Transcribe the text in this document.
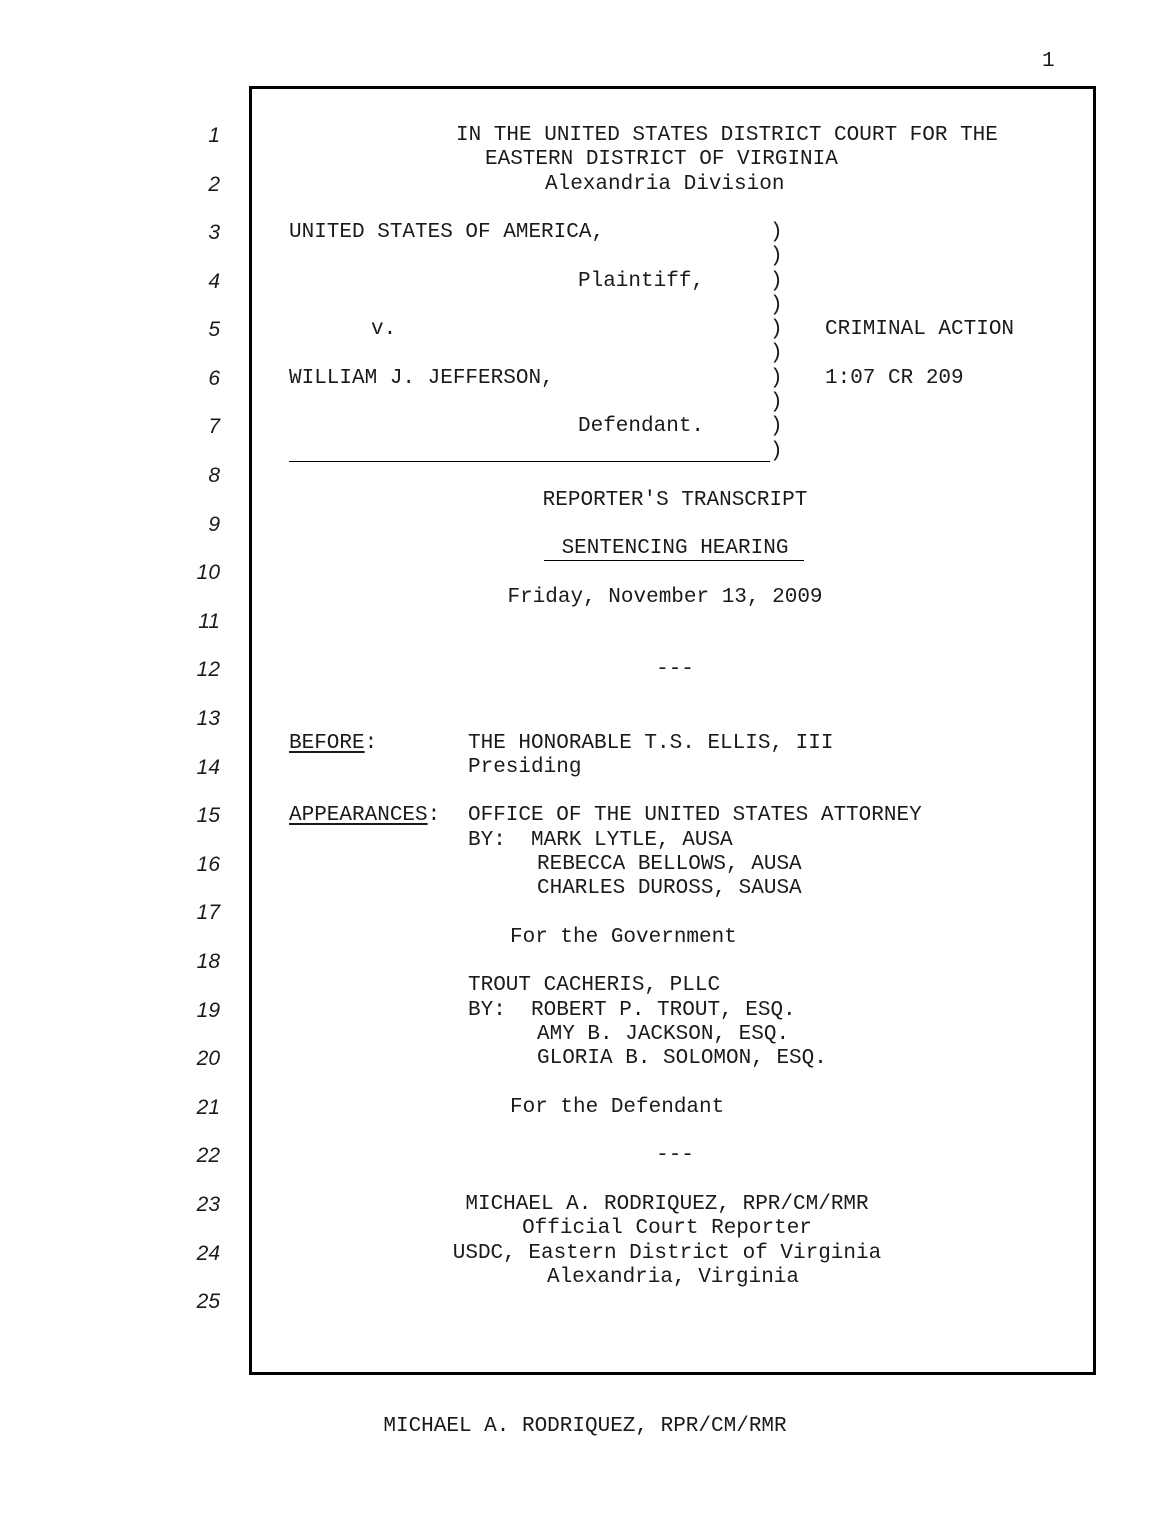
1
1
2
3
4
5
6
7
8
9
10
11
12
13
14
15
16
17
18
19
20
21
22
23
24
25
IN THE UNITED STATES DISTRICT COURT FOR THE
EASTERN DISTRICT OF VIRGINIA
Alexandria Division
UNITED STATES OF AMERICA,
Plaintiff,
v.
WILLIAM J. JEFFERSON,
Defendant.
)
)
)
)
)
)
)
)
)
)
CRIMINAL ACTION
1:07 CR 209
REPORTER'S TRANSCRIPT
SENTENCING HEARING
Friday, November 13, 2009
---
BEFORE:	THE HONORABLE T.S. ELLIS, III
Presiding
APPEARANCES: OFFICE OF THE UNITED STATES ATTORNEY
BY:  MARK LYTLE, AUSA
REBECCA BELLOWS, AUSA
CHARLES DUROSS, SAUSA
For the Government
TROUT CACHERIS, PLLC
BY:  ROBERT P. TROUT, ESQ.
AMY B. JACKSON, ESQ.
GLORIA B. SOLOMON, ESQ.
For the Defendant
---
MICHAEL A. RODRIQUEZ, RPR/CM/RMR
Official Court Reporter
USDC, Eastern District of Virginia
Alexandria, Virginia
MICHAEL A. RODRIQUEZ, RPR/CM/RMR
